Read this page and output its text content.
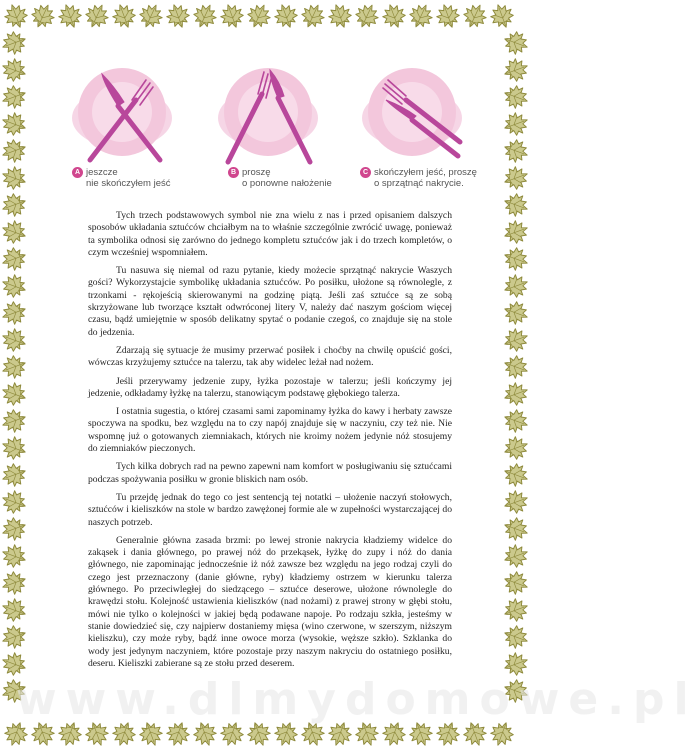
A jeszcze
nie skończyłem jeść
B proszę
o ponowne nałożenie
C skończyłem jeść, proszę
o sprzątnąć nakrycie.

Tych trzech podstawowych symbol nie zna wielu z nas i przed opisaniem dalszych sposobów układania sztućców chciałbym na to właśnie szczególnie zwrócić uwagę, ponieważ ta symbolika odnosi się zarówno do jednego kompletu sztućców jak i do trzech kompletów, o czym wcześniej wspomniałem.

Tu nasuwa się niemal od razu pytanie, kiedy możecie sprzątnąć nakrycie Waszych gości? Wykorzystajcie symbolikę układania sztućców. Po posiłku, ułożone są równolegle, z trzonkami - rękojeścią skierowanymi na godzinę piątą. Jeśli zaś sztućce są ze sobą skrzyżowane lub tworzące kształt odwróconej litery V, należy dać naszym gościom więcej czasu, bądź umiejętnie w sposób delikatny spytać o podanie czegoś, co znajduje się na stole do jedzenia.

Zdarzają się sytuacje że musimy przerwać posiłek i choćby na chwilę opuścić gości, wówczas krzyżujemy sztućce na talerzu, tak aby widelec leżał nad nożem.

Jeśli przerywamy jedzenie zupy, łyżka pozostaje w talerzu; jeśli kończymy jej jedzenie, odkładamy łyżkę na talerzu, stanowiącym podstawę głębokiego talerza.

I ostatnia sugestia, o której czasami sami zapominamy łyżka do kawy i herbaty zawsze spoczywa na spodku, bez względu na to czy napój znajduje się w naczyniu, czy też nie. Nie wspomnę już o gotowanych ziemniakach, których nie kroimy nożem jedynie nóż stosujemy do ziemniaków pieczonych.

Tych kilka dobrych rad na pewno zapewni nam komfort w posługiwaniu się sztućcami podczas spożywania posiłku w gronie bliskich nam osób.

Tu przejdę jednak do tego co jest sentencją tej notatki – ułożenie naczyń stołowych, sztućców i kieliszków na stole w bardzo zawężonej formie ale w zupełności wystarczającej do naszych potrzeb.

Generalnie główna zasada brzmi: po lewej stronie nakrycia kładziemy widelce do zakąsek i dania głównego, po prawej nóż do przekąsek, łyżkę do zupy i nóż do dania głównego, nie zapominając jednocześnie iż nóż zawsze bez względu na jego rodzaj czyli do czego jest przeznaczony (danie główne, ryby) kładziemy ostrzem w kierunku talerza głównego. Po przeciwległej do siedzącego – sztućce deserowe, ułożone równolegle do krawędzi stołu. Kolejność ustawienia kieliszków (nad nożami) z prawej strony w głębi stołu, mówi nie tylko o kolejności w jakiej będą podawane napoje. Po rodzaju szkła, jesteśmy w stanie dowiedzieć się, czy najpierw dostaniemy mięsa (wino czerwone, w szerszym, niższym kieliszku), czy może ryby, bądź inne owoce morza (wysokie, węższe szkło). Szklanka do wody jest jedynym naczyniem, które pozostaje przy naszym nakryciu do ostatniego posiłku, deseru. Kieliszki zabierane są ze stołu przed deserem.

www.dlmydomowe.pl
